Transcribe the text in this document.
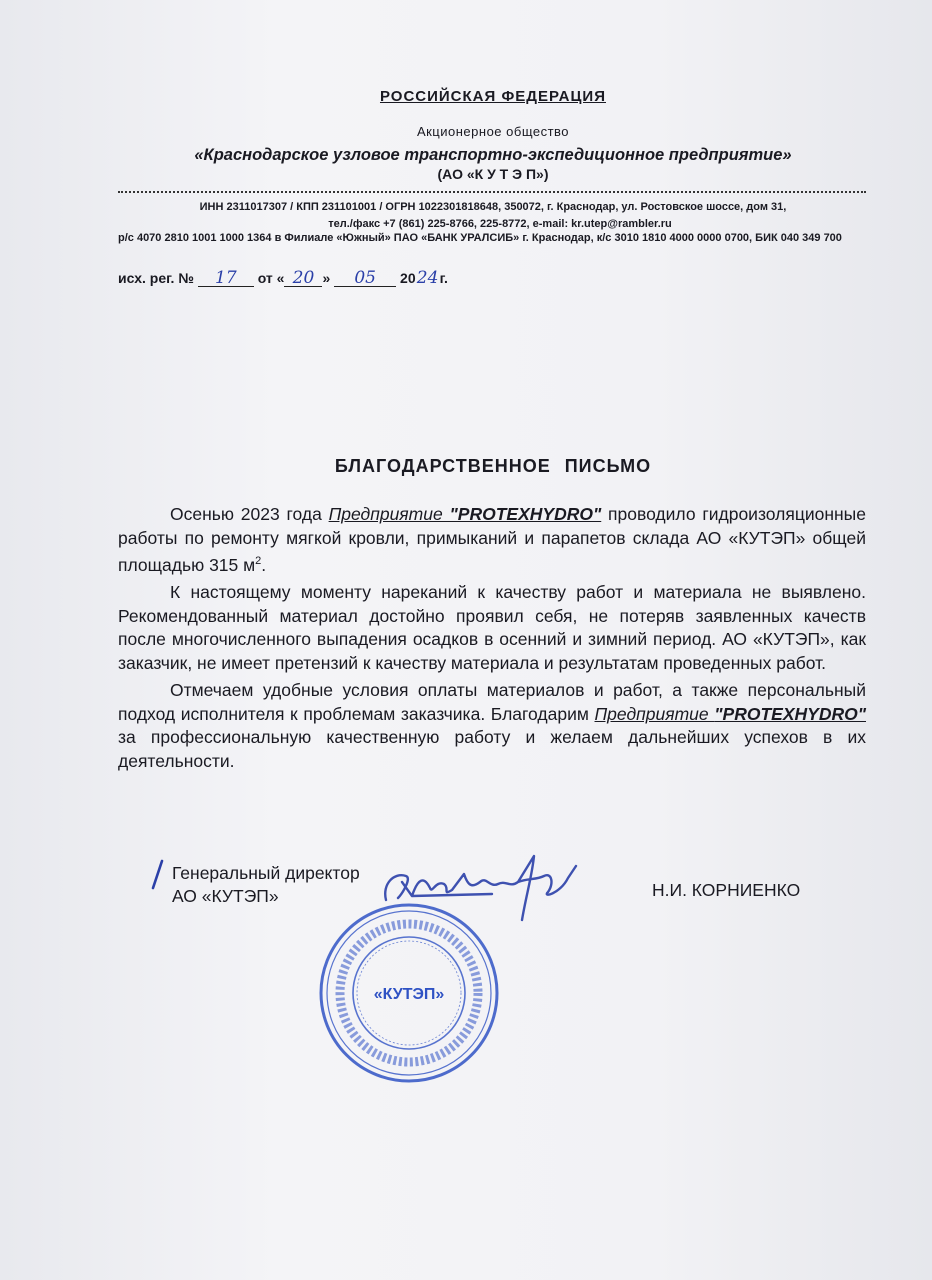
РОССИЙСКАЯ ФЕДЕРАЦИЯ
Акционерное общество
«Краснодарское узловое транспортно-экспедиционное предприятие»
(АО «К У Т Э П»)
ИНН 2311017307 / КПП 231101001 / ОГРН 1022301818648, 350072, г. Краснодар, ул. Ростовское шоссе, дом 31,
тел./факс +7 (861) 225-8766, 225-8772, e-mail: kr.utep@rambler.ru
р/с 4070 2810 1001 1000 1364 в Филиале «Южный» ПАО «БАНК УРАЛСИБ» г. Краснодар, к/с 3010 1810 4000 0000 0700, БИК 040 349 700
исх. рег. № 17 от « 20 » 05 2024г.
БЛАГОДАРСТВЕННОЕ ПИСЬМО

Осенью 2023 года Предприятие "PROTEXHYDRO" проводило гидроизоляционные работы по ремонту мягкой кровли, примыканий и парапетов склада АО «КУТЭП» общей площадью 315 $м^2$.

К настоящему моменту нареканий к качеству работ и материала не выявлено. Рекомендованный материал достойно проявил себя, не потеряв заявленных качеств после многочисленного выпадения осадков в осенний и зимний период. АО «КУТЭП», как заказчик, не имеет претензий к качеству материала и результатам проведенных работ.

Отмечаем удобные условия оплаты материалов и работ, а также персональный подход исполнителя к проблемам заказчика. Благодарим Предприятие "PROTEXHYDRO" за профессиональную качественную работу и желаем дальнейших успехов в их деятельности.

Генеральный директор
АО «КУТЭП»	Н.И. КОРНИЕНКО
«КУТЭП»
